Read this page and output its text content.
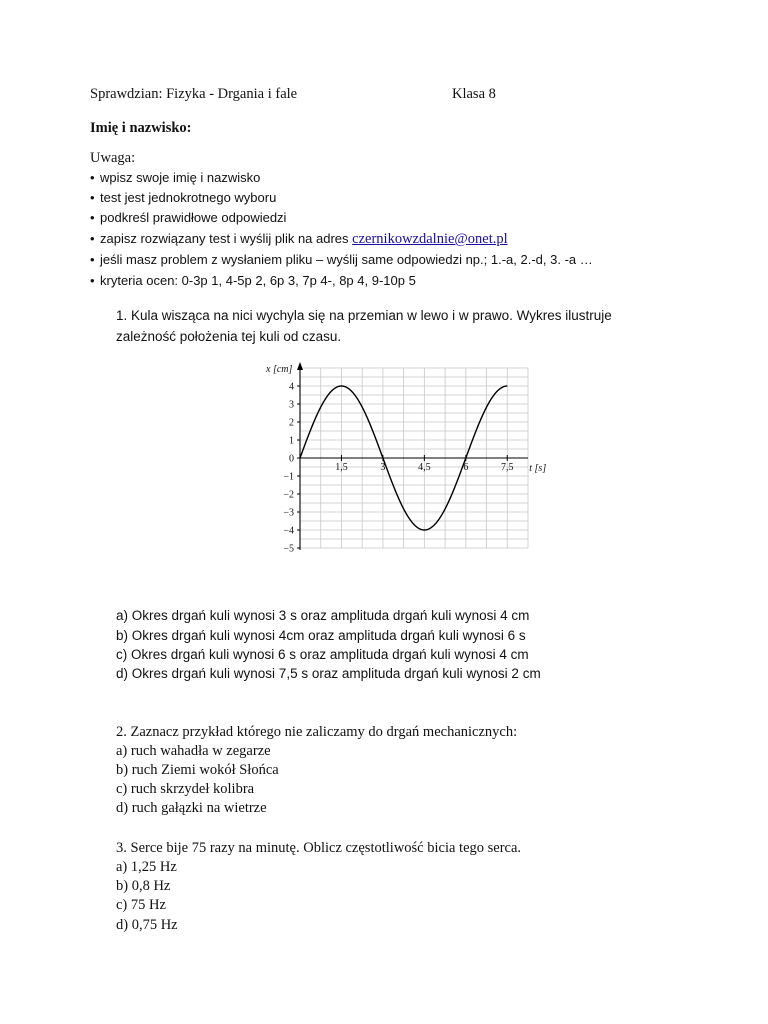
Sprawdzian: Fizyka - Drgania i fale	Klasa 8
Imię i nazwisko:
Uwaga:
• wpisz swoje imię i nazwisko
• test jest jednokrotnego wyboru
• podkreśl prawidłowe odpowiedzi
• zapisz rozwiązany test i wyślij plik na adres czernikowzdalnie@onet.pl
• jeśli masz problem z wysłaniem pliku – wyślij same odpowiedzi np.; 1.-a, 2.-d, 3. -a …
• kryteria ocen: 0-3p 1, 4-5p 2, 6p 3, 7p 4-, 8p 4, 9-10p 5
1. Kula wisząca na nici wychyla się na przemian w lewo i w prawo. Wykres ilustruje
zależność położenia tej kuli od czasu.
x [cm]
t [s]
4
3
2
1
0
−1
−2
−3
−4
−5
1,5	3	4,5	6	7,5
a) Okres drgań kuli wynosi 3 s oraz amplituda drgań kuli wynosi 4 cm
b) Okres drgań kuli wynosi 4cm oraz amplituda drgań kuli wynosi 6 s
c) Okres drgań kuli wynosi 6 s oraz amplituda drgań kuli wynosi 4 cm
d) Okres drgań kuli wynosi 7,5 s oraz amplituda drgań kuli wynosi 2 cm
2. Zaznacz przykład którego nie zaliczamy do drgań mechanicznych:
a) ruch wahadła w zegarze
b) ruch Ziemi wokół Słońca
c) ruch skrzydeł kolibra
d) ruch gałązki na wietrze
3. Serce bije 75 razy na minutę. Oblicz częstotliwość bicia tego serca.
a) 1,25 Hz
b) 0,8 Hz
c) 75 Hz
d) 0,75 Hz
